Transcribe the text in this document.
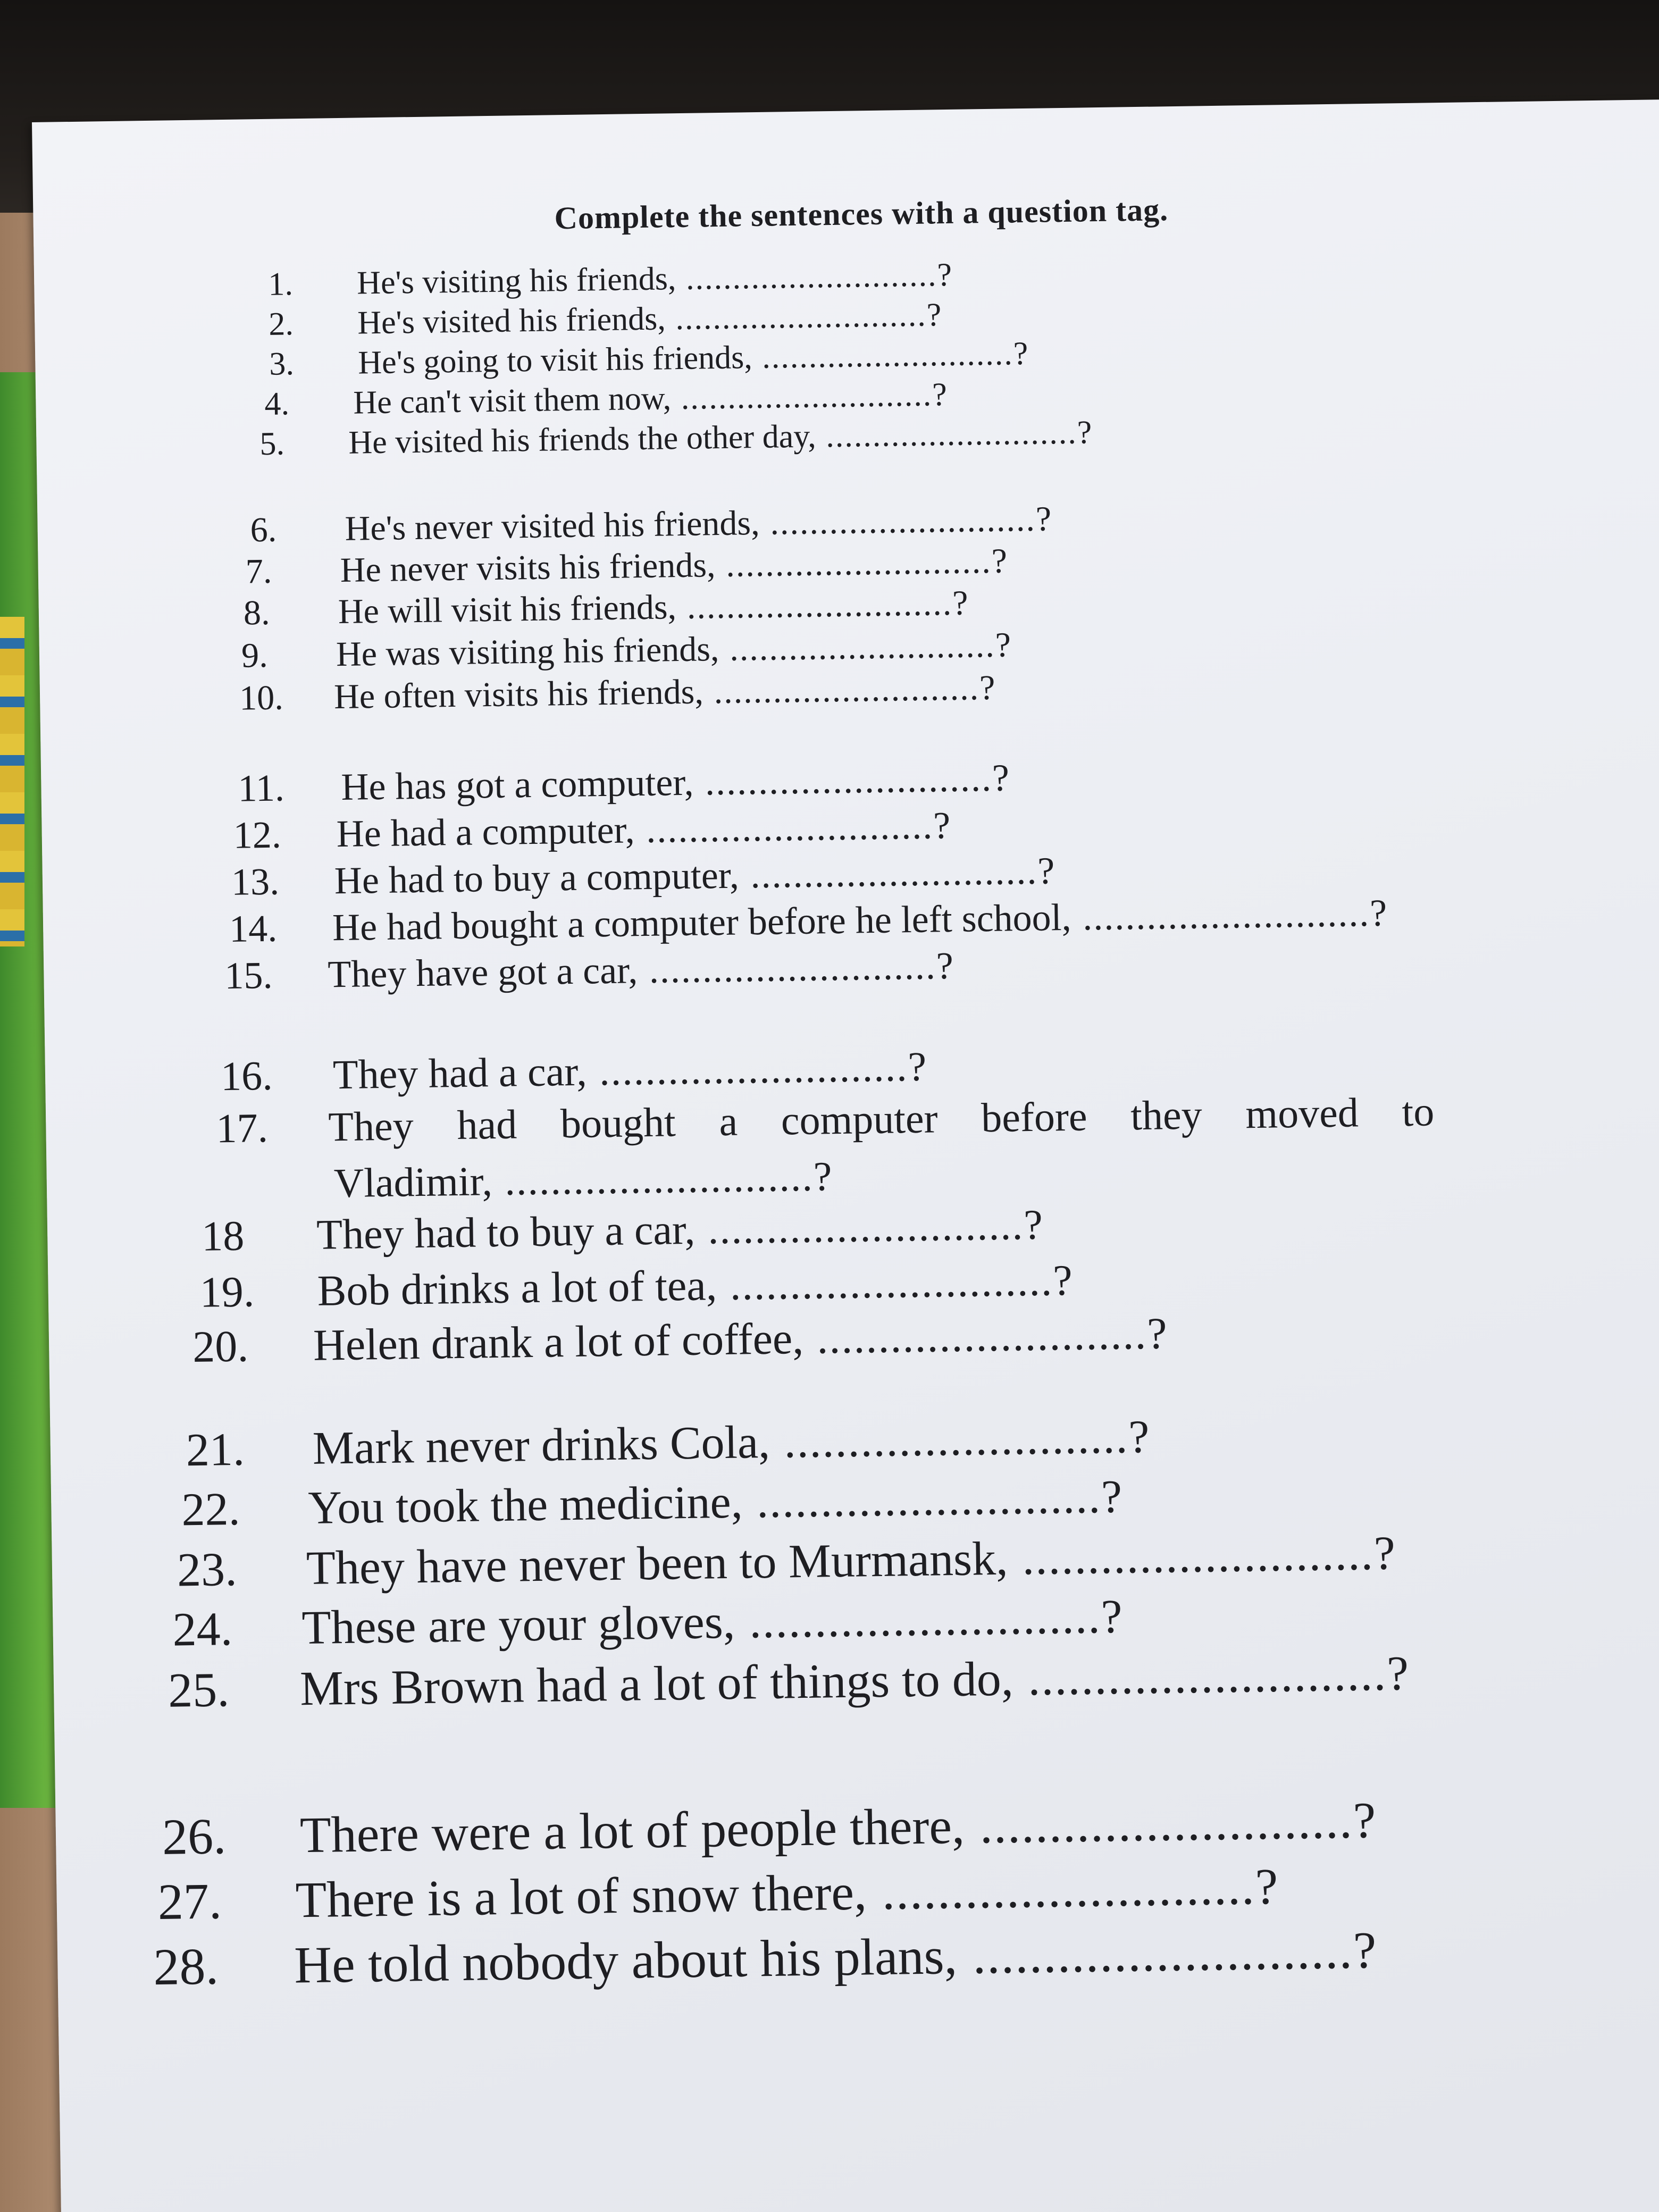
Complete the sentences with a question tag.
1. He's visiting his friends, ...........................?
2. He's visited his friends, ...........................?
3. He's going to visit his friends, ...........................?
4. He can't visit them now, ...........................?
5. He visited his friends the other day, ...........................?
6. He's never visited his friends, ...........................?
7. He never visits his friends, ...........................?
8. He will visit his friends, ...........................?
9. He was visiting his friends, ...........................?
10. He often visits his friends, ...........................?
11. He has got a computer, ...........................?
12. He had a computer, ...........................?
13. He had to buy a computer, ...........................?
14. He had bought a computer before he left school, ...........................?
15. They have got a car, ...........................?
16. They had a car, ...........................?
17. They had bought a computer before they moved to
Vladimir, ...........................?
18 They had to buy a car, ...........................?
19. Bob drinks a lot of tea, ...........................?
20. Helen drank a lot of coffee, ...........................?
21. Mark never drinks Cola, ...........................?
22. You took the medicine, ...........................?
23. They have never been to Murmansk, ...........................?
24. These are your gloves, ...........................?
25. Mrs Brown had a lot of things to do, ...........................?
26. There were a lot of people there, ...........................?
27. There is a lot of snow there, ...........................?
28. He told nobody about his plans, ...........................?
